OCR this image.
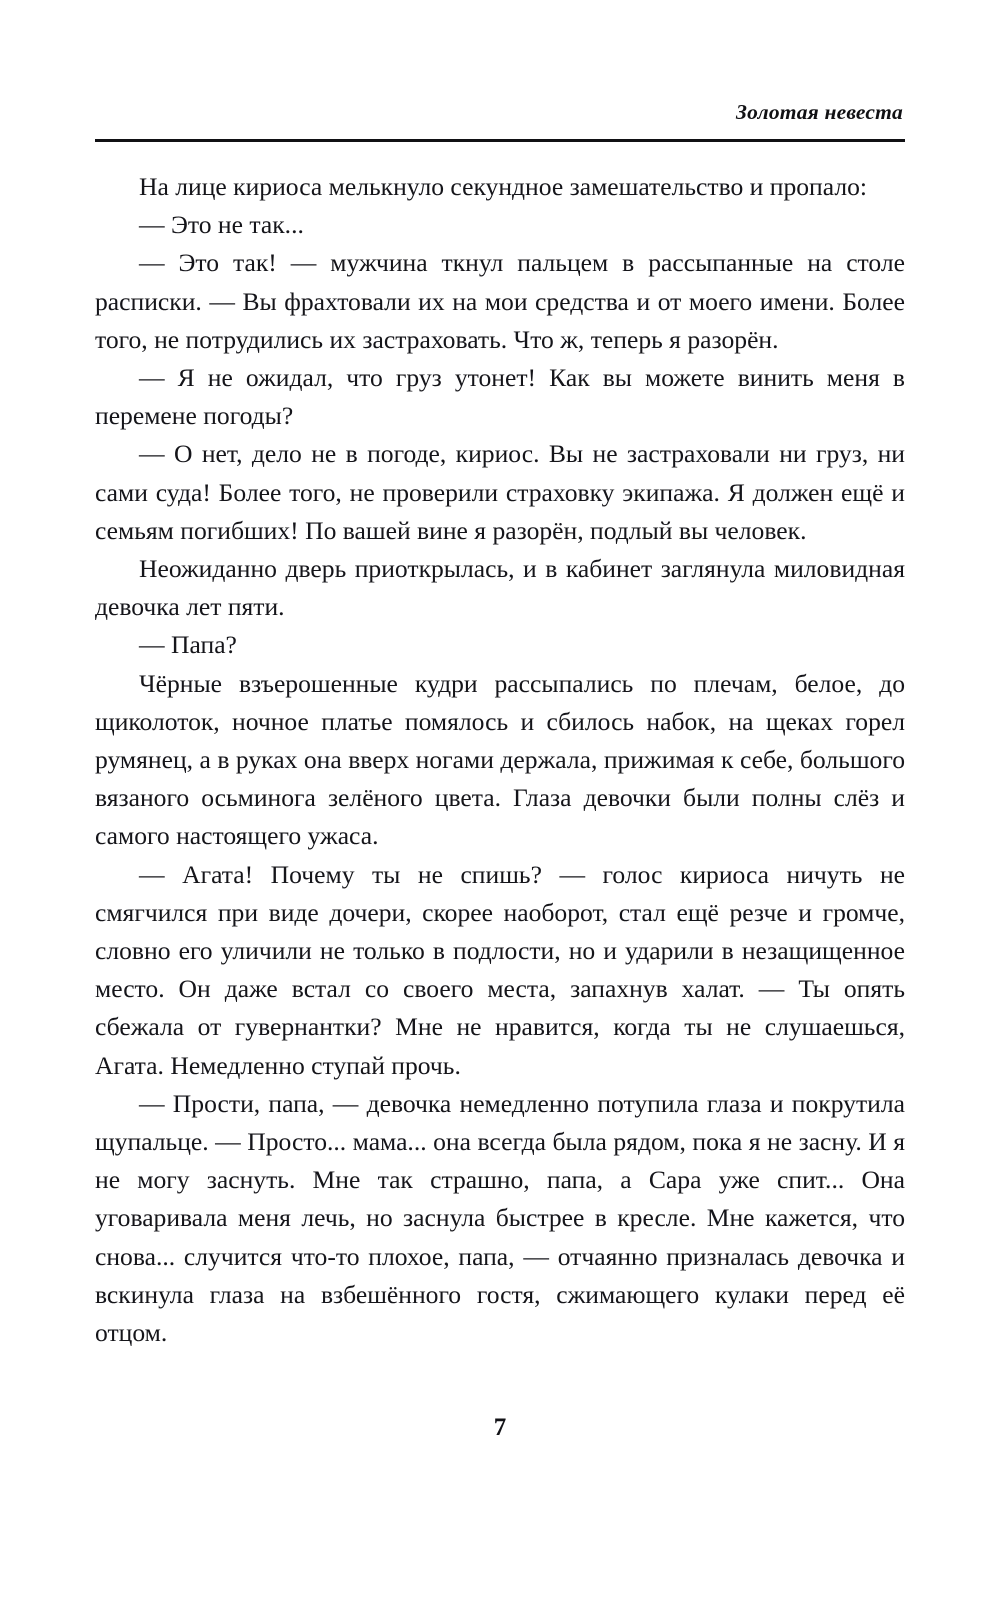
Золотая невеста

На лице кириоса мелькнуло секундное замешательство и пропало:

— Это не так...

— Это так! — мужчина ткнул пальцем в рассыпанные на столе расписки. — Вы фрахтовали их на мои средства и от моего имени. Более того, не потрудились их застраховать. Что ж, теперь я разорён.

— Я не ожидал, что груз утонет! Как вы можете винить меня в перемене погоды?

— О нет, дело не в погоде, кириос. Вы не застраховали ни груз, ни сами суда! Более того, не проверили страховку экипажа. Я должен ещё и семьям погибших! По вашей вине я разорён, подлый вы человек.

Неожиданно дверь приоткрылась, и в кабинет заглянула миловидная девочка лет пяти.

— Папа?

Чёрные взъерошенные кудри рассыпались по плечам, белое, до щиколоток, ночное платье помялось и сбилось набок, на щеках горел румянец, а в руках она вверх ногами держала, прижимая к себе, большого вязаного осьминога зелёного цвета. Глаза девочки были полны слёз и самого настоящего ужаса.

— Агата! Почему ты не спишь? — голос кириоса ничуть не смягчился при виде дочери, скорее наоборот, стал ещё резче и громче, словно его уличили не только в подлости, но и ударили в незащищенное место. Он даже встал со своего места, запахнув халат. — Ты опять сбежала от гувернантки? Мне не нравится, когда ты не слушаешься, Агата. Немедленно ступай прочь.

— Прости, папа, — девочка немедленно потупила глаза и покрутила щупальце. — Просто... мама... она всегда была рядом, пока я не засну. И я не могу заснуть. Мне так страшно, папа, а Сара уже спит... Она уговаривала меня лечь, но заснула быстрее в кресле. Мне кажется, что снова... случится что-то плохое, папа, — отчаянно призналась девочка и вскинула глаза на взбешённого гостя, сжимающего кулаки перед её отцом.

7
